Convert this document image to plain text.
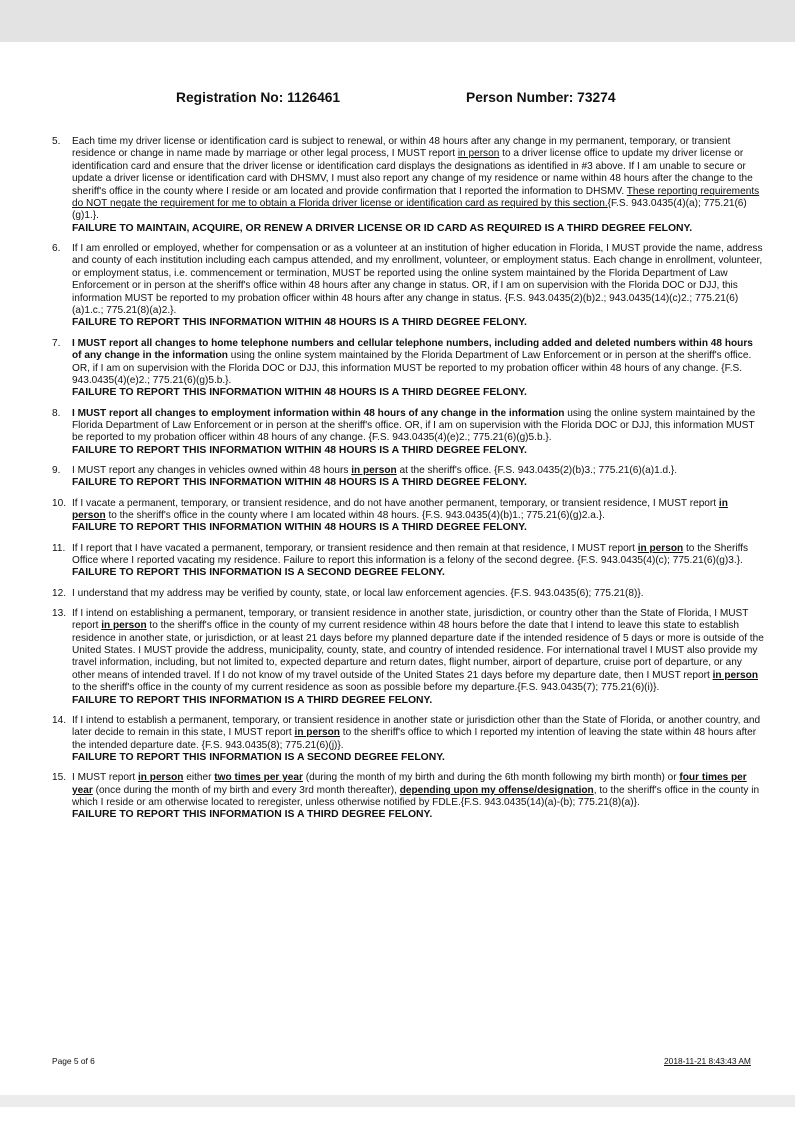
Registration No: 1126461	Person Number: 73274
5. Each time my driver license or identification card is subject to renewal, or within 48 hours after any change in my permanent, temporary, or transient residence or change in name made by marriage or other legal process, I MUST report in person to a driver license office to update my driver license or identification card and ensure that the driver license or identification card displays the designations as identified in #3 above. If I am unable to secure or update a driver license or identification card with DHSMV, I must also report any change of my residence or name within 48 hours after the change to the sheriff's office in the county where I reside or am located and provide confirmation that I reported the information to DHSMV. These reporting requirements do NOT negate the requirement for me to obtain a Florida driver license or identification card as required by this section.{F.S. 943.0435(4)(a); 775.21(6)(g)1.}.
FAILURE TO MAINTAIN, ACQUIRE, OR RENEW A DRIVER LICENSE OR ID CARD AS REQUIRED IS A THIRD DEGREE FELONY.
6. If I am enrolled or employed, whether for compensation or as a volunteer at an institution of higher education in Florida, I MUST provide the name, address and county of each institution including each campus attended, and my enrollment, volunteer, or employment status. Each change in enrollment, volunteer, or employment status, i.e. commencement or termination, MUST be reported using the online system maintained by the Florida Department of Law Enforcement or in person at the sheriff's office within 48 hours after any change in status. OR, if I am on supervision with the Florida DOC or DJJ, this information MUST be reported to my probation officer within 48 hours after any change in status. {F.S. 943.0435(2)(b)2.; 943.0435(14)(c)2.; 775.21(6)(a)1.c.; 775.21(8)(a)2.}.
FAILURE TO REPORT THIS INFORMATION WITHIN 48 HOURS IS A THIRD DEGREE FELONY.
7. I MUST report all changes to home telephone numbers and cellular telephone numbers, including added and deleted numbers within 48 hours of any change in the information using the online system maintained by the Florida Department of Law Enforcement or in person at the sheriff's office. OR, if I am on supervision with the Florida DOC or DJJ, this information MUST be reported to my probation officer within 48 hours of any change. {F.S. 943.0435(4)(e)2.; 775.21(6)(g)5.b.}.
FAILURE TO REPORT THIS INFORMATION WITHIN 48 HOURS IS A THIRD DEGREE FELONY.
8. I MUST report all changes to employment information within 48 hours of any change in the information using the online system maintained by the Florida Department of Law Enforcement or in person at the sheriff's office. OR, if I am on supervision with the Florida DOC or DJJ, this information MUST be reported to my probation officer within 48 hours of any change. {F.S. 943.0435(4)(e)2.; 775.21(6)(g)5.b.}.
FAILURE TO REPORT THIS INFORMATION WITHIN 48 HOURS IS A THIRD DEGREE FELONY.
9. I MUST report any changes in vehicles owned within 48 hours in person at the sheriff's office. {F.S. 943.0435(2)(b)3.; 775.21(6)(a)1.d.}.
FAILURE TO REPORT THIS INFORMATION WITHIN 48 HOURS IS A THIRD DEGREE FELONY.
10. If I vacate a permanent, temporary, or transient residence, and do not have another permanent, temporary, or transient residence, I MUST report in person to the sheriff's office in the county where I am located within 48 hours. {F.S. 943.0435(4)(b)1.; 775.21(6)(g)2.a.}.
FAILURE TO REPORT THIS INFORMATION WITHIN 48 HOURS IS A THIRD DEGREE FELONY.
11. If I report that I have vacated a permanent, temporary, or transient residence and then remain at that residence, I MUST report in person to the Sheriffs Office where I reported vacating my residence. Failure to report this information is a felony of the second degree. {F.S. 943.0435(4)(c); 775.21(6)(g)3.}.
FAILURE TO REPORT THIS INFORMATION IS A SECOND DEGREE FELONY.
12. I understand that my address may be verified by county, state, or local law enforcement agencies. {F.S. 943.0435(6); 775.21(8)}.
13. If I intend on establishing a permanent, temporary, or transient residence in another state, jurisdiction, or country other than the State of Florida, I MUST report in person to the sheriff's office in the county of my current residence within 48 hours before the date that I intend to leave this state to establish residence in another state, or jurisdiction, or at least 21 days before my planned departure date if the intended residence of 5 days or more is outside of the United States. I MUST provide the address, municipality, county, state, and country of intended residence. For international travel I MUST also provide my travel information, including, but not limited to, expected departure and return dates, flight number, airport of departure, cruise port of departure, or any other means of intended travel. If I do not know of my travel outside of the United States 21 days before my departure date, then I MUST report in person to the sheriff's office in the county of my current residence as soon as possible before my departure.{F.S. 943.0435(7); 775.21(6)(i)}.
FAILURE TO REPORT THIS INFORMATION IS A THIRD DEGREE FELONY.
14. If I intend to establish a permanent, temporary, or transient residence in another state or jurisdiction other than the State of Florida, or another country, and later decide to remain in this state, I MUST report in person to the sheriff's office to which I reported my intention of leaving the state within 48 hours after the intended departure date. {F.S. 943.0435(8); 775.21(6)(j)}.
FAILURE TO REPORT THIS INFORMATION IS A SECOND DEGREE FELONY.
15. I MUST report in person either two times per year (during the month of my birth and during the 6th month following my birth month) or four times per year (once during the month of my birth and every 3rd month thereafter), depending upon my offense/designation, to the sheriff's office in the county in which I reside or am otherwise located to reregister, unless otherwise notified by FDLE.{F.S. 943.0435(14)(a)-(b); 775.21(8)(a)}.
FAILURE TO REPORT THIS INFORMATION IS A THIRD DEGREE FELONY.
Page 5 of 6	2018-11-21 8:43:43 AM
